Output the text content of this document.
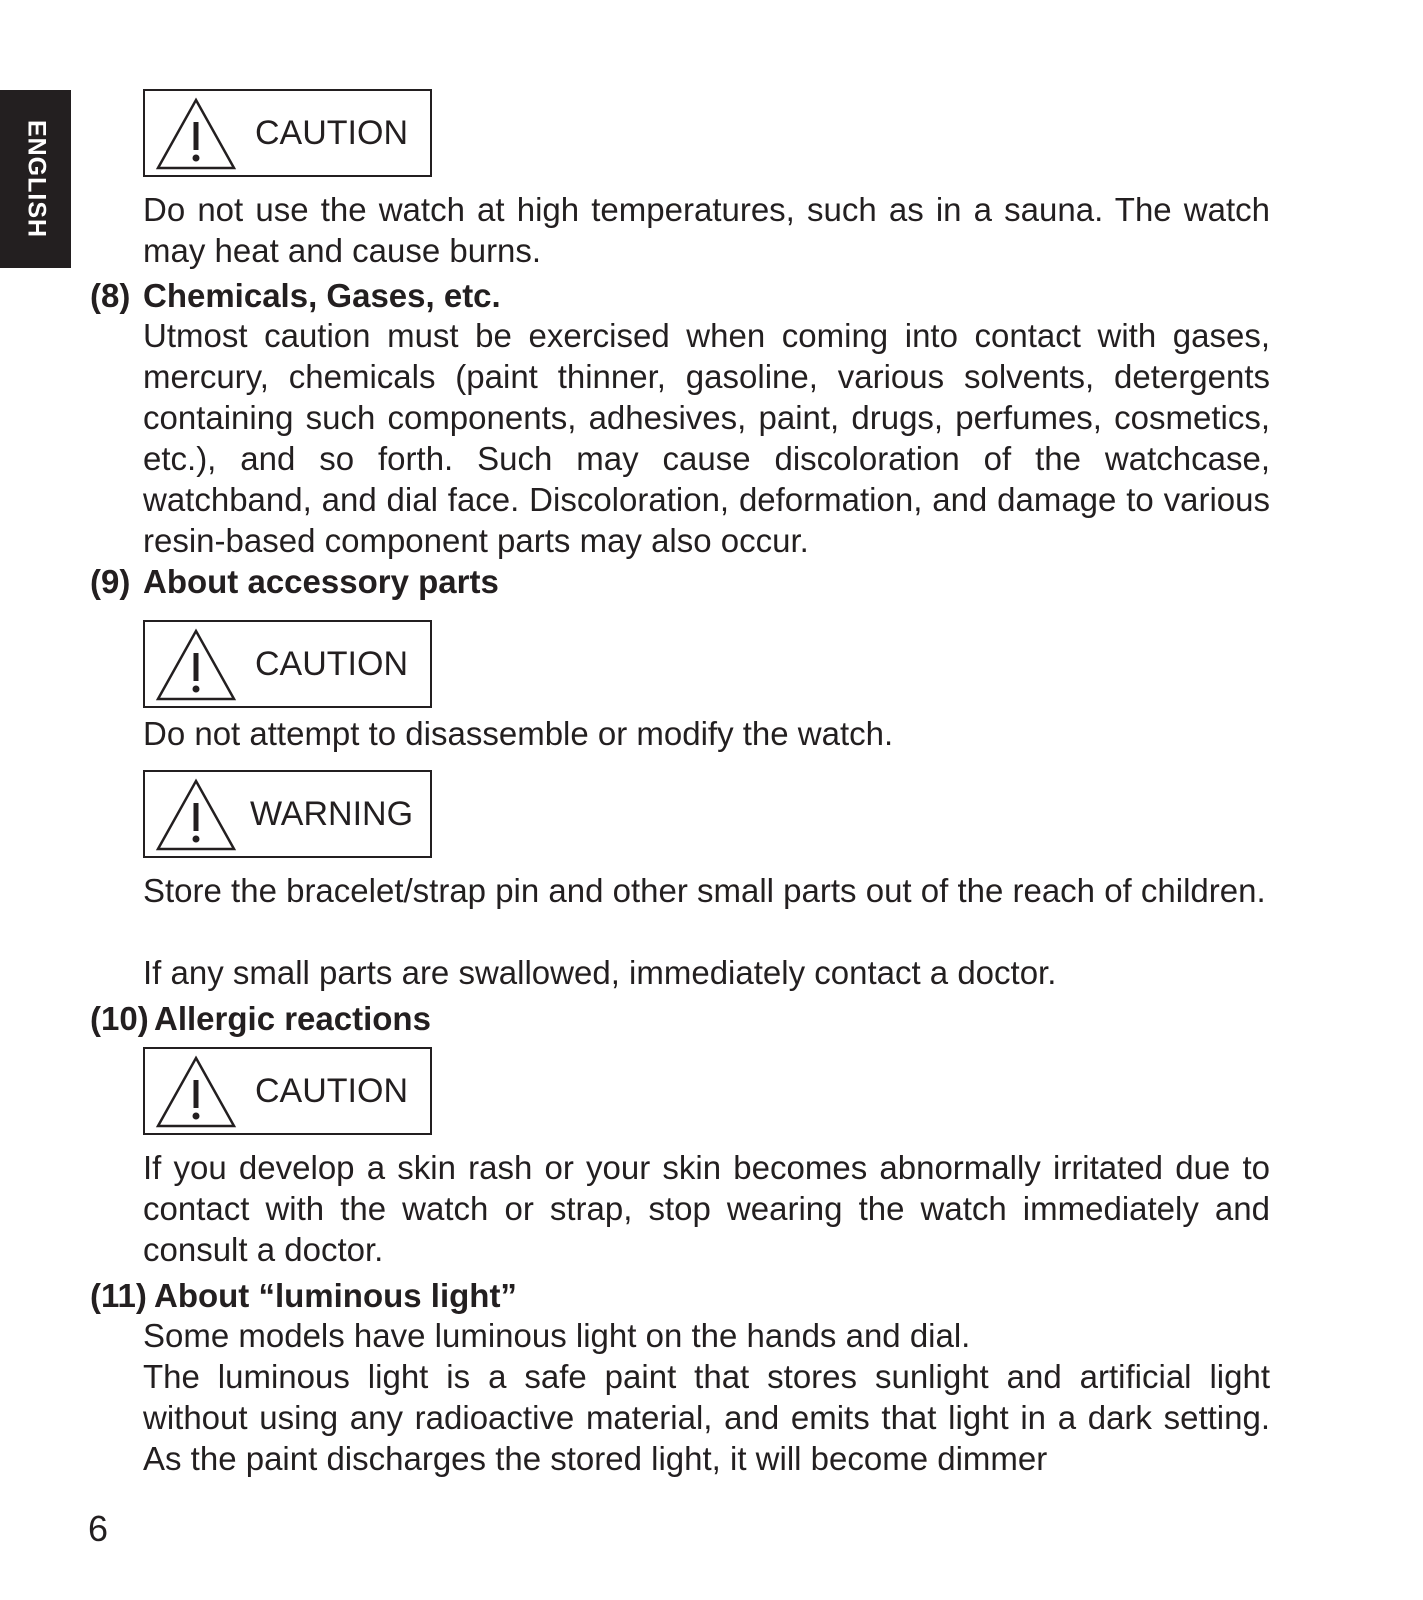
ENGLISH	CAUTION

Do not use the watch at high temperatures, such as in a sauna. The watch may heat and cause burns.

(8) Chemicals, Gases, etc.

Utmost caution must be exercised when coming into contact with gases, mercury, chemicals (paint thinner, gasoline, various solvents, detergents containing such components, adhesives, paint, drugs, perfumes, cosmetics, etc.), and so forth. Such may cause discoloration of the watchcase, watchband, and dial face. Discoloration, deformation, and damage to various resin-based component parts may also occur.

(9) About accessory parts
CAUTION

Do not attempt to disassemble or modify the watch.

WARNING

Store the bracelet/strap pin and other small parts out of the reach of children.

If any small parts are swallowed, immediately contact a doctor.

(10) Allergic reactions
CAUTION

If you develop a skin rash or your skin becomes abnormally irritated due to contact with the watch or strap, stop wearing the watch immediately and consult a doctor.

(11) About “luminous light”

Some models have luminous light on the hands and dial.

The luminous light is a safe paint that stores sunlight and artificial light without using any radioactive material, and emits that light in a dark setting. As the paint discharges the stored light, it will become dimmer

6
